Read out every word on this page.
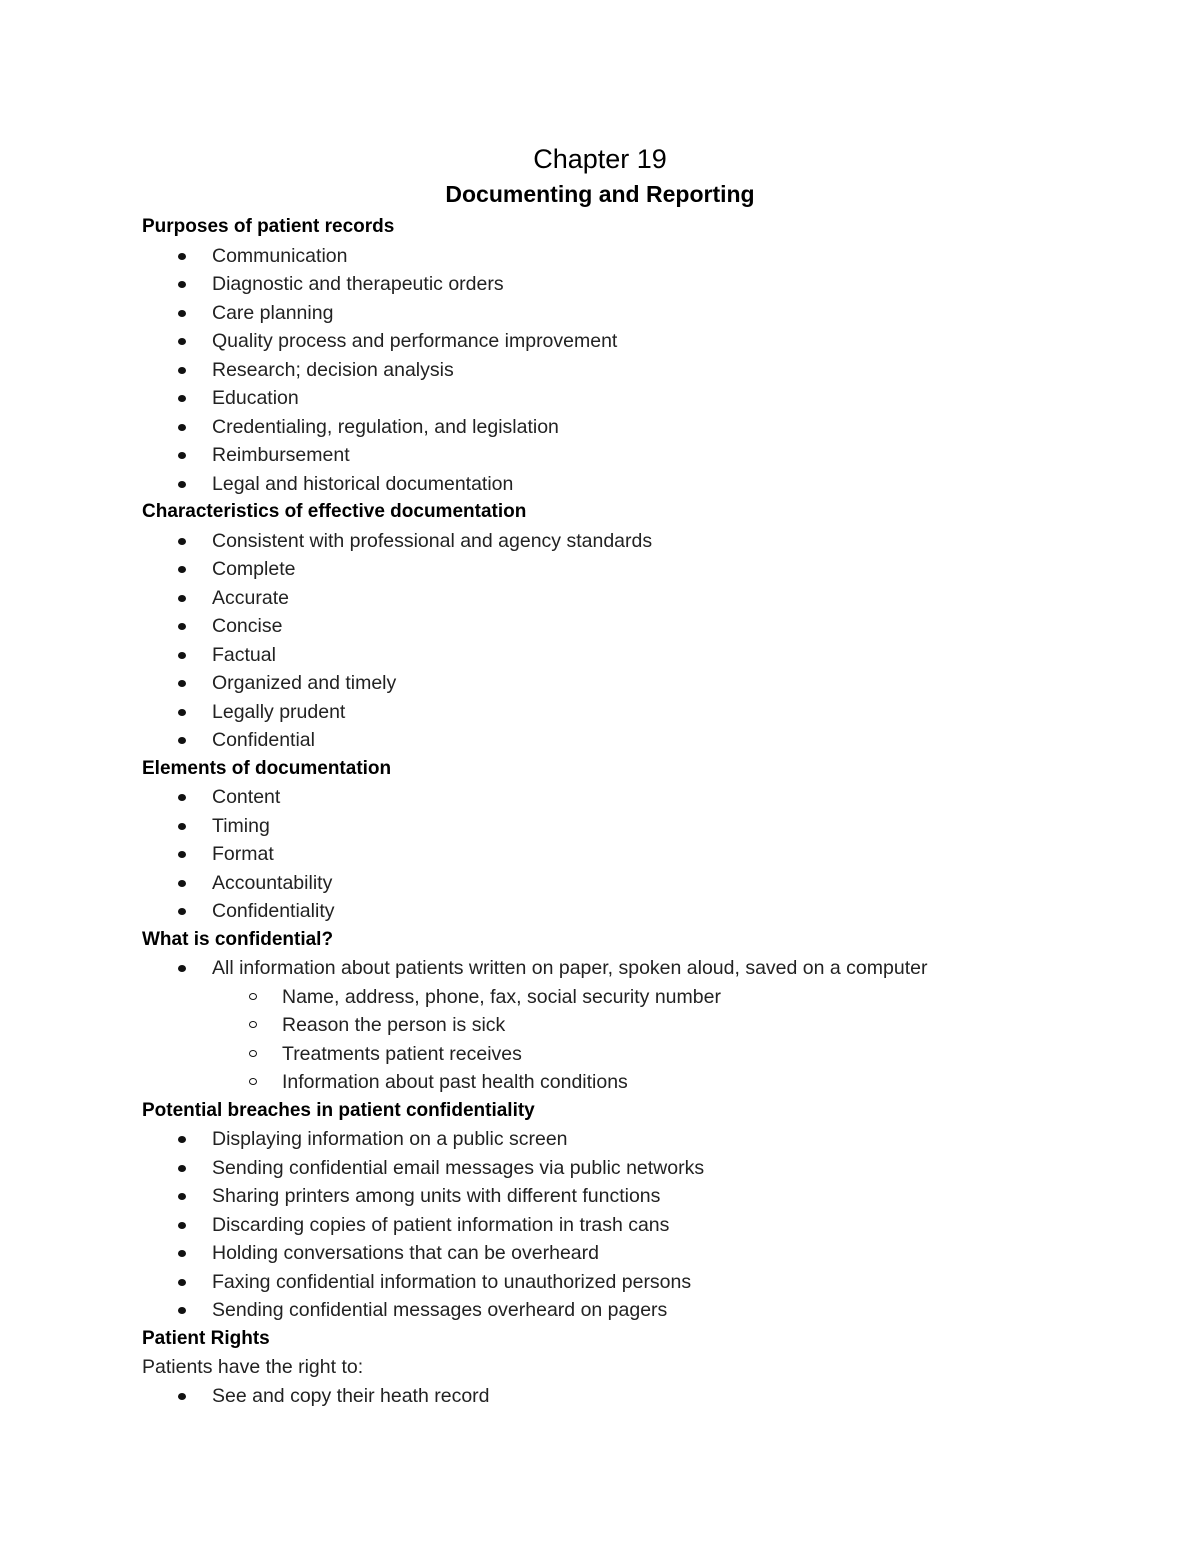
Chapter 19
Documenting and Reporting
Purposes of patient records
Communication
Diagnostic and therapeutic orders
Care planning
Quality process and performance improvement
Research; decision analysis
Education
Credentialing, regulation, and legislation
Reimbursement
Legal and historical documentation
Characteristics of effective documentation
Consistent with professional and agency standards
Complete
Accurate
Concise
Factual
Organized and timely
Legally prudent
Confidential
Elements of documentation
Content
Timing
Format
Accountability
Confidentiality
What is confidential?
All information about patients written on paper, spoken aloud, saved on a computer
Name, address, phone, fax, social security number
Reason the person is sick
Treatments patient receives
Information about past health conditions
Potential breaches in patient confidentiality
Displaying information on a public screen
Sending confidential email messages via public networks
Sharing printers among units with different functions
Discarding copies of patient information in trash cans
Holding conversations that can be overheard
Faxing confidential information to unauthorized persons
Sending confidential messages overheard on pagers
Patient Rights
Patients have the right to:
See and copy their heath record
